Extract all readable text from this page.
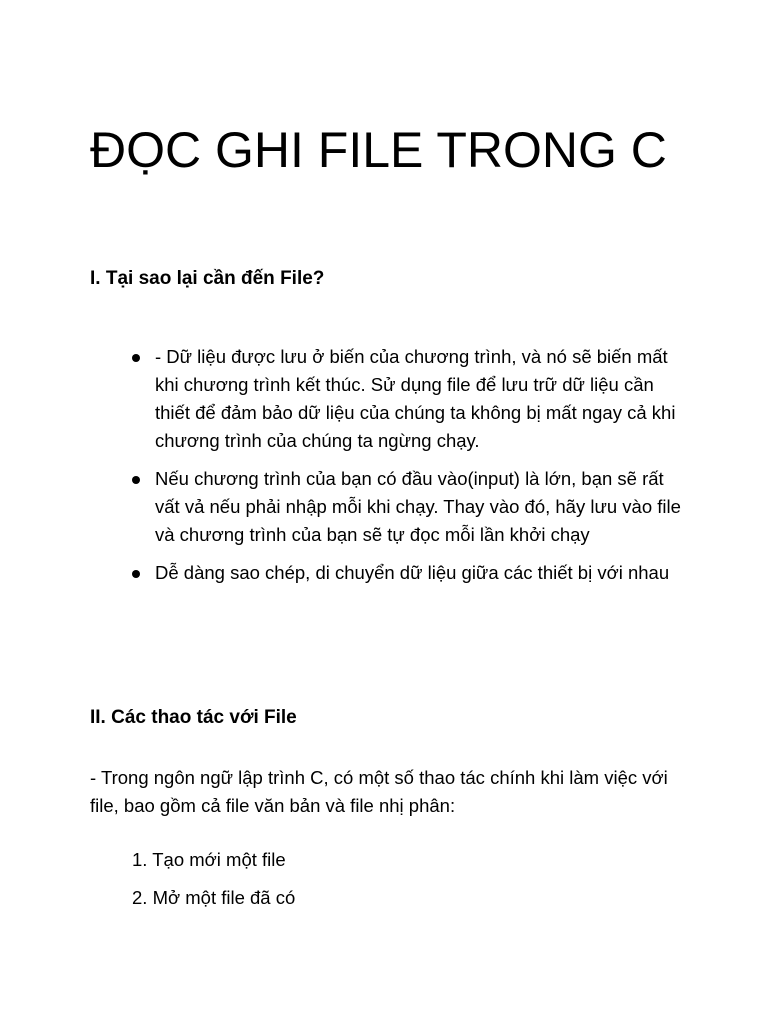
ĐỌC GHI FILE TRONG C
I. Tại sao lại cần đến File?
- Dữ liệu được lưu ở biến của chương trình, và nó sẽ biến mất khi chương trình kết thúc. Sử dụng file để lưu trữ dữ liệu cần thiết để đảm bảo dữ liệu của chúng ta không bị mất ngay cả khi chương trình của chúng ta ngừng chạy.
Nếu chương trình của bạn có đầu vào(input) là lớn, bạn sẽ rất vất vả nếu phải nhập mỗi khi chạy. Thay vào đó, hãy lưu vào file và chương trình của bạn sẽ tự đọc mỗi lần khởi chạy
Dễ dàng sao chép, di chuyển dữ liệu giữa các thiết bị với nhau
II. Các thao tác với File

- Trong ngôn ngữ lập trình C, có một số thao tác chính khi làm việc với file, bao gồm cả file văn bản và file nhị phân:

1. Tạo mới một file
2. Mở một file đã có
